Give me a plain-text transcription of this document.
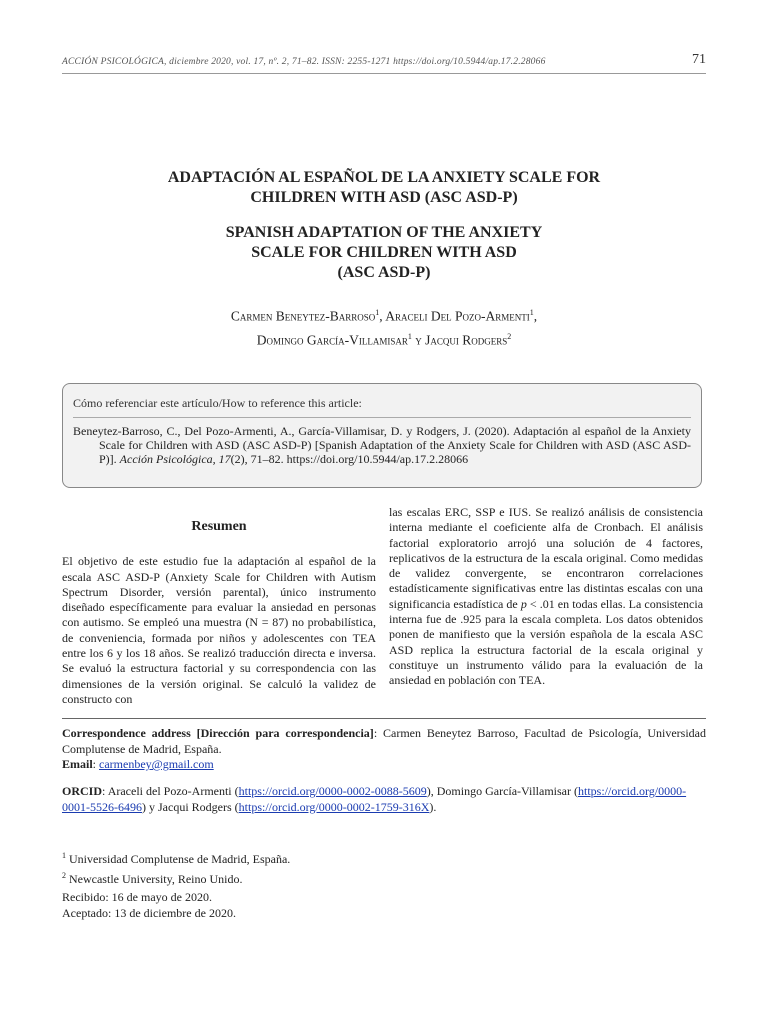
ACCIÓN PSICOLÓGICA, diciembre 2020, vol. 17, nº. 2, 71–82. ISSN: 2255-1271 https://doi.org/10.5944/ap.17.2.28066	71
ADAPTACIÓN AL ESPAÑOL DE LA ANXIETY SCALE FOR
CHILDREN WITH ASD (ASC ASD-P)
SPANISH ADAPTATION OF THE ANXIETY
SCALE FOR CHILDREN WITH ASD
(ASC ASD-P)
Carmen Beneytez-Barroso$^1$, Araceli Del Pozo-Armenti$^1$,
Domingo García-Villamisar$^1$ y Jacqui Rodgers$^2$
Cómo referenciar este artículo/How to reference this article:
Beneytez-Barroso, C., Del Pozo-Armenti, A., García-Villamisar, D. y Rodgers, J. (2020). Adaptación al español de la Anxiety Scale for Children with ASD (ASC ASD-P) [Spanish Adaptation of the Anxiety Scale for Children with ASD (ASC ASD-P)]. Acción Psicológica, 17(2), 71–82. https://doi.org/10.5944/ap.17.2.28066
Resumen
El objetivo de este estudio fue la adaptación al español de la escala ASC ASD-P (Anxiety Scale for Children with Autism Spectrum Disorder, versión parental), único instrumento diseñado específicamente para evaluar la ansiedad en personas con autismo. Se empleó una muestra (N = 87) no probabilística, de conveniencia, formada por niños y adolescentes con TEA entre los 6 y los 18 años. Se realizó traducción directa e inversa. Se evaluó la estructura factorial y su correspondencia con las dimensiones de la versión original. Se calculó la validez de constructo con
las escalas ERC, SSP e IUS. Se realizó análisis de consistencia interna mediante el coeficiente alfa de Cronbach. El análisis factorial exploratorio arrojó una solución de 4 factores, replicativos de la estructura de la escala original. Como medidas de validez convergente, se encontraron correlaciones estadísticamente significativas entre las distintas escalas con una significancia estadística de p < .01 en todas ellas. La consistencia interna fue de .925 para la escala completa. Los datos obtenidos ponen de manifiesto que la versión española de la escala ASC ASD replica la estructura factorial de la escala original y constituye un instrumento válido para la evaluación de la ansiedad en población con TEA.
Correspondence address [Dirección para correspondencia]: Carmen Beneytez Barroso, Facultad de Psicología, Universidad Complutense de Madrid, España.
Email: carmenbey@gmail.com
ORCID: Araceli del Pozo-Armenti (https://orcid.org/0000-0002-0088-5609), Domingo García-Villamisar (https://orcid.org/0000-0001-5526-6496) y Jacqui Rodgers (https://orcid.org/0000-0002-1759-316X).
$^1$ Universidad Complutense de Madrid, España.
$^2$ Newcastle University, Reino Unido.
Recibido: 16 de mayo de 2020.
Aceptado: 13 de diciembre de 2020.
